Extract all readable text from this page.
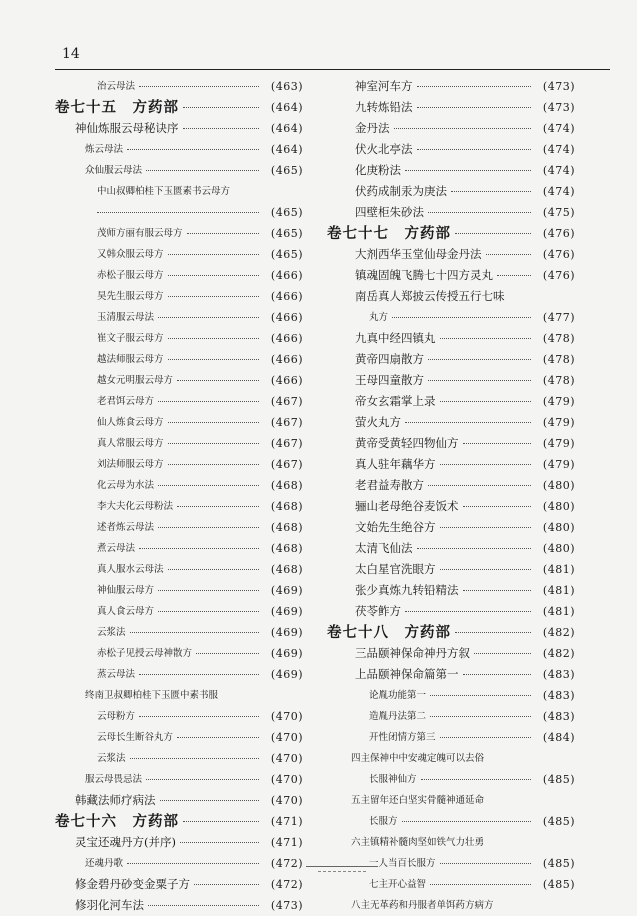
14
治云母法	(463)
卷七十五　方药部	(464)
神仙炼服云母秘诀序	(464)
炼云母法	(464)
众仙服云母法	(465)
中山叔卿柏桂下玉匮素书云母方
(465)
茂师方丽有服云母方	(465)
又韩众服云母方	(465)
赤松子服云母方	(466)
昊先生服云母方	(466)
玉清服云母法	(466)
崔文子服云母方	(466)
越法师服云母方	(466)
越女元明服云母方	(466)
老君饵云母方	(467)
仙人炼食云母方	(467)
真人常服云母方	(467)
刘法师服云母方	(467)
化云母为水法	(468)
李大夫化云母粉法	(468)
述者炼云母法	(468)
煮云母法	(468)
真人服水云母法	(468)
神仙服云母方	(469)
真人食云母方	(469)
云浆法	(469)
赤松子见授云母神散方	(469)
蒸云母法	(469)
终南卫叔卿柏桂下玉匮中素书服
云母粉方	(470)
云母长生断谷丸方	(470)
云浆法	(470)
服云母畏忌法	(470)
韩藏法师疗病法	(470)
卷七十六　方药部	(471)
灵宝还魂丹方(并序)	(471)
还魂丹歌	(472)
修金碧丹砂变金粟子方	(472)
修羽化河车法	(473)
神室河车方	(473)
九转炼铅法	(473)
金丹法	(474)
伏火北亭法	(474)
化庚粉法	(474)
伏药成制汞为庚法	(474)
四壁柜朱砂法	(475)
卷七十七　方药部	(476)
大剂西华玉堂仙母金丹法	(476)
镇魂固魄飞腾七十四方灵丸	(476)
南岳真人郑披云传授五行七味
丸方	(477)
九真中经四镇丸	(478)
黄帝四扇散方	(478)
王母四童散方	(478)
帝女玄霜掌上录	(479)
萤火丸方	(479)
黄帝受黄轻四物仙方	(479)
真人驻年藕华方	(479)
老君益寿散方	(480)
骊山老母绝谷麦饭术	(480)
文始先生绝谷方	(480)
太清飞仙法	(480)
太白星官洗眼方	(481)
张少真炼九转铅精法	(481)
茯苓鲊方	(481)
卷七十八　方药部	(482)
三品颐神保命神丹方叙	(482)
上品颐神保命篇第一	(483)
论胤功能第一	(483)
造胤丹法第二	(483)
开性闭情方第三	(484)
四主保神中中安魂定魄可以去俗
长服神仙方	(485)
五主留年还白坚实骨髓神通延命
长服方	(485)
六主镇精补髓肉坚如铁气力壮勇
一人当百长服方	(485)
七主开心益智	(485)
八主无革药和丹服者单饵药方病方
